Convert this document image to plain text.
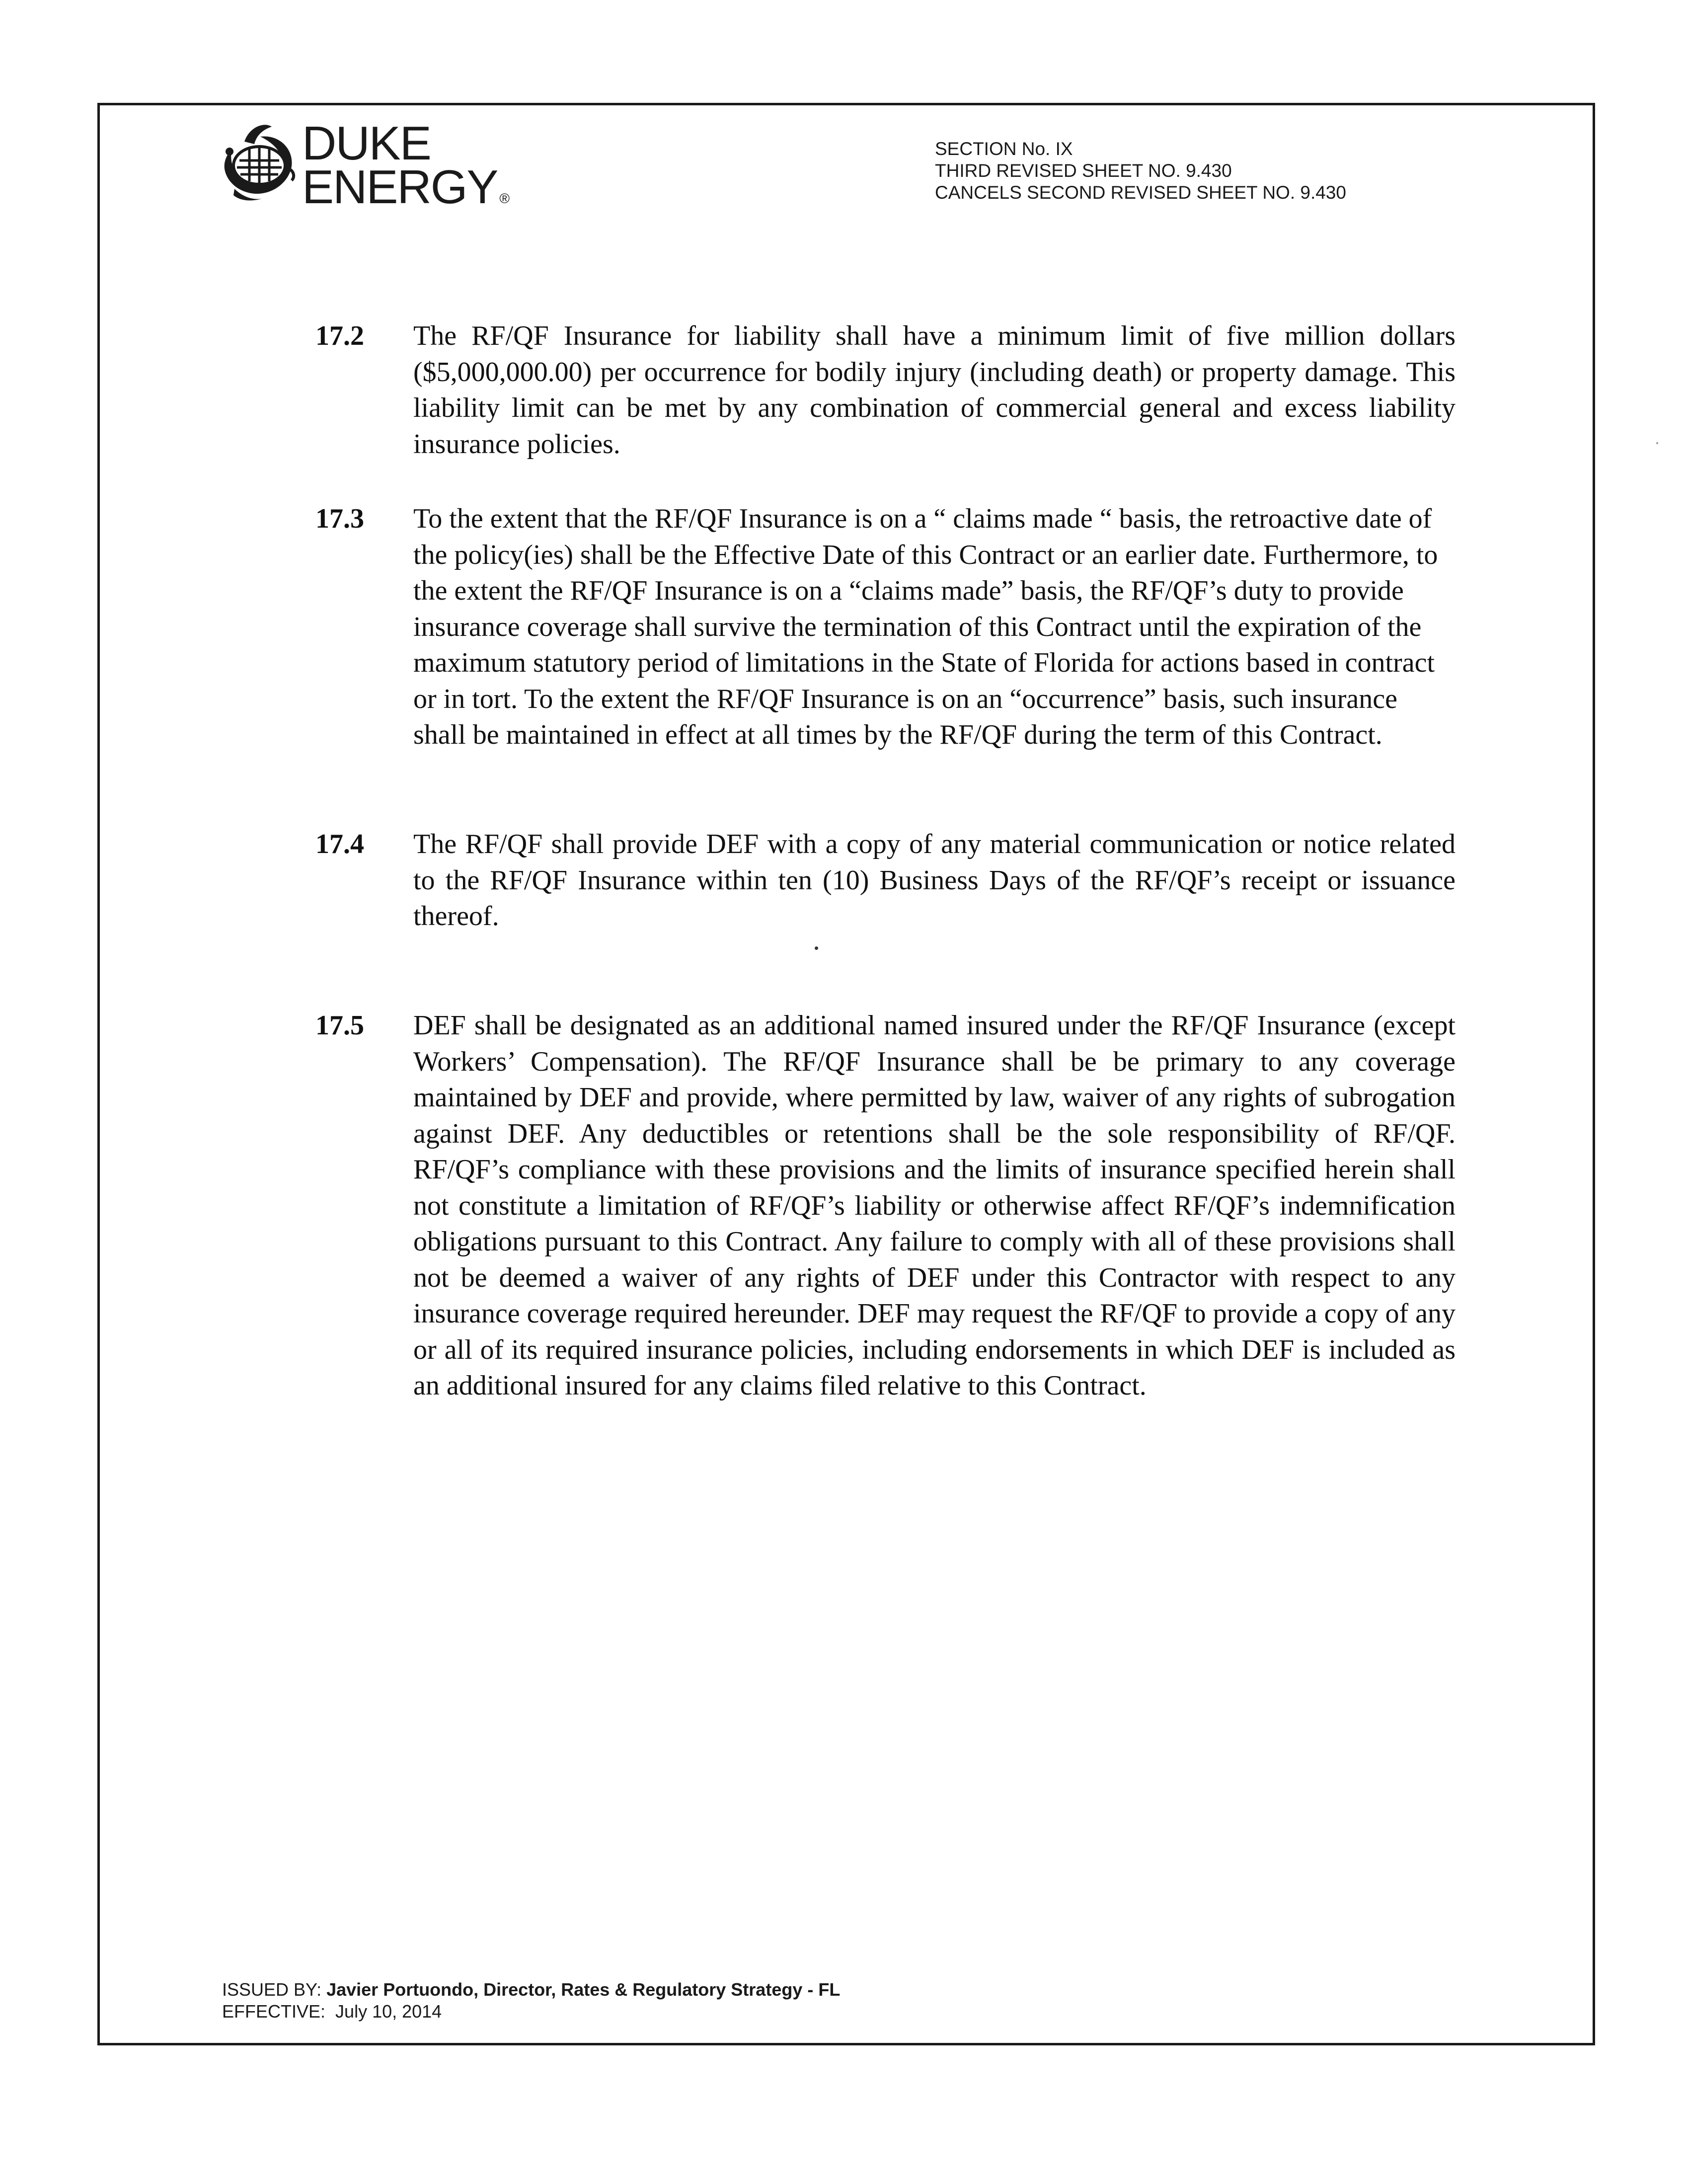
DUKE
ENERGY ®
SECTION No. IX
THIRD REVISED SHEET NO. 9.430
CANCELS SECOND REVISED SHEET NO. 9.430
17.2 The RF/QF Insurance for liability shall have a minimum limit of five million dollars ($5,000,000.00) per occurrence for bodily injury (including death) or property damage. This liability limit can be met by any combination of commercial general and excess liability insurance policies.
17.3 To the extent that the RF/QF Insurance is on a “ claims made “ basis, the retroactive date of the policy(ies) shall be the Effective Date of this Contract or an earlier date. Furthermore, to the extent the RF/QF Insurance is on a “claims made” basis, the RF/QF’s duty to provide insurance coverage shall survive the termination of this Contract until the expiration of the maximum statutory period of limitations in the State of Florida for actions based in contract or in tort. To the extent the RF/QF Insurance is on an “occurrence” basis, such insurance shall be maintained in effect at all times by the RF/QF during the term of this Contract.
17.4 The RF/QF shall provide DEF with a copy of any material communication or notice related to the RF/QF Insurance within ten (10) Business Days of the RF/QF’s receipt or issuance thereof.
17.5 DEF shall be designated as an additional named insured under the RF/QF Insurance (except Workers’ Compensation). The RF/QF Insurance shall be be primary to any coverage maintained by DEF and provide, where permitted by law, waiver of any rights of subrogation against DEF. Any deductibles or retentions shall be the sole responsibility of RF/QF. RF/QF’s compliance with these provisions and the limits of insurance specified herein shall not constitute a limitation of RF/QF’s liability or otherwise affect RF/QF’s indemnification obligations pursuant to this Contract. Any failure to comply with all of these provisions shall not be deemed a waiver of any rights of DEF under this Contractor with respect to any insurance coverage required hereunder. DEF may request the RF/QF to provide a copy of any or all of its required insurance policies, including endorsements in which DEF is included as an additional insured for any claims filed relative to this Contract.
ISSUED BY: Javier Portuondo, Director, Rates & Regulatory Strategy - FL
EFFECTIVE: July 10, 2014
